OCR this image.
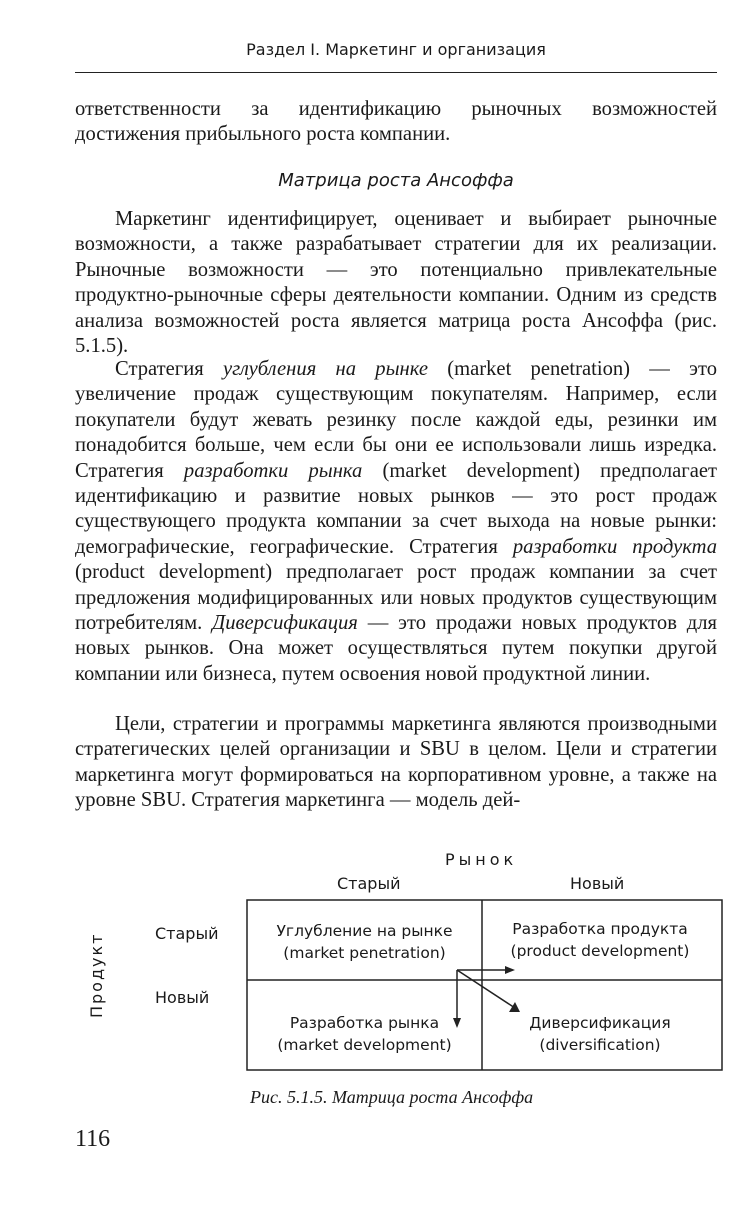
Раздел I. Маркетинг и организация

ответственности за идентификацию рыночных возможностей достижения прибыльного роста компании.

Матрица роста Ансоффа

Маркетинг идентифицирует, оценивает и выбирает рыночные возможности, а также разрабатывает стратегии для их реализации. Рыночные возможности — это потенциально привлекательные продуктно-рыночные сферы деятельности компании. Одним из средств анализа возможностей роста является матрица роста Ансоффа (рис. 5.1.5).

Стратегия углубления на рынке (market penetration) — это увеличение продаж существующим покупателям. Например, если покупатели будут жевать резинку после каждой еды, резинки им понадобится больше, чем если бы они ее использовали лишь изредка. Стратегия разработки рынка (market development) предполагает идентификацию и развитие новых рынков — это рост продаж существующего продукта компании за счет выхода на новые рынки: демографические, географические. Стратегия разработки продукта (product development) предполагает рост продаж компании за счет предложения модифицированных или новых продуктов существующим потребителям. Диверсификация — это продажи новых продуктов для новых рынков. Она может осуществляться путем покупки другой компании или бизнеса, путем освоения новой продуктной линии.

Цели, стратегии и программы маркетинга являются производными стратегических целей организации и SBU в целом. Цели и стратегии маркетинга могут формироваться на корпоративном уровне, а также на уровне SBU. Стратегия маркетинга — модель дей-

Рынок
Старый	Новый
Старый
Новый
Продукт
Углубление на рынке
(market penetration)
Разработка продукта
(product development)
Разработка рынка
(market development)
Диверсификация
(diversification)
Рис. 5.1.5. Матрица роста Ансоффа
116
